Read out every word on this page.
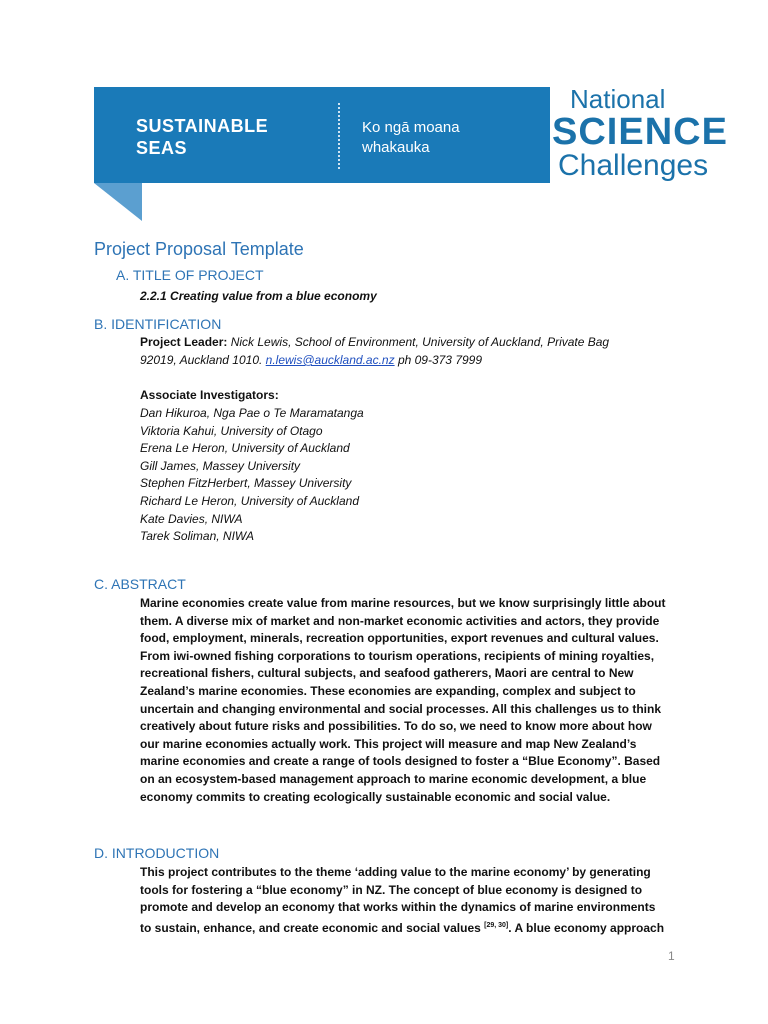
SUSTAINABLE
SEAS
Ko ngā moana
whakauka
National
SCIENCE
Challenges
Project Proposal Template
A. TITLE OF PROJECT
2.2.1 Creating value from a blue economy
B. IDENTIFICATION
Project Leader: Nick Lewis, School of Environment, University of Auckland, Private Bag
92019, Auckland 1010. n.lewis@auckland.ac.nz ph 09-373 7999
Associate Investigators:
Dan Hikuroa, Nga Pae o Te Maramatanga
Viktoria Kahui, University of Otago
Erena Le Heron, University of Auckland
Gill James, Massey University
Stephen FitzHerbert, Massey University
Richard Le Heron, University of Auckland
Kate Davies, NIWA
Tarek Soliman, NIWA
C. ABSTRACT
Marine economies create value from marine resources, but we know surprisingly little about
them. A diverse mix of market and non-market economic activities and actors, they provide
food, employment, minerals, recreation opportunities, export revenues and cultural values.
From iwi-owned fishing corporations to tourism operations, recipients of mining royalties,
recreational fishers, cultural subjects, and seafood gatherers, Maori are central to New
Zealand’s marine economies. These economies are expanding, complex and subject to
uncertain and changing environmental and social processes. All this challenges us to think
creatively about future risks and possibilities. To do so, we need to know more about how
our marine economies actually work. This project will measure and map New Zealand’s
marine economies and create a range of tools designed to foster a “Blue Economy”. Based
on an ecosystem-based management approach to marine economic development, a blue
economy commits to creating ecologically sustainable economic and social value.
D. INTRODUCTION
This project contributes to the theme ‘adding value to the marine economy’ by generating
tools for fostering a “blue economy” in NZ. The concept of blue economy is designed to
promote and develop an economy that works within the dynamics of marine environments
to sustain, enhance, and create economic and social values [29, 30]. A blue economy approach
1
